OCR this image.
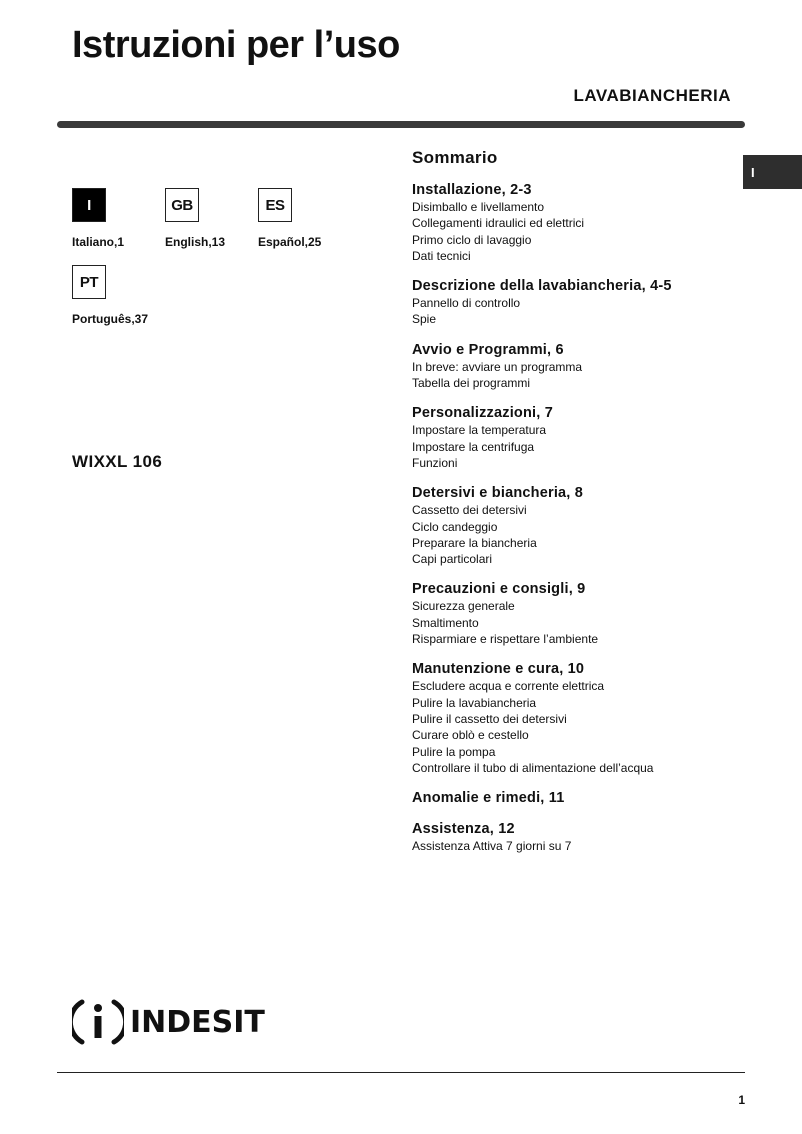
Istruzioni per l’uso
LAVABIANCHERIA
I
I
Italiano,1
GB
English,13
ES
Español,25
PT
Português,37
WIXXL 106
Sommario
Installazione, 2-3
Disimballo e livellamento
Collegamenti idraulici ed elettrici
Primo ciclo di lavaggio
Dati tecnici
Descrizione della lavabiancheria, 4-5
Pannello di controllo
Spie
Avvio e Programmi, 6
In breve: avviare un programma
Tabella dei programmi
Personalizzazioni, 7
Impostare la temperatura
Impostare la centrifuga
Funzioni
Detersivi e biancheria, 8
Cassetto dei detersivi
Ciclo candeggio
Preparare la biancheria
Capi particolari
Precauzioni e consigli, 9
Sicurezza generale
Smaltimento
Risparmiare e rispettare l’ambiente
Manutenzione e cura, 10
Escludere acqua e corrente elettrica
Pulire la lavabiancheria
Pulire il cassetto dei detersivi
Curare oblò e cestello
Pulire la pompa
Controllare il tubo di alimentazione dell’acqua
Anomalie e rimedi, 11
Assistenza, 12
Assistenza Attiva 7 giorni su 7
INDESIT
1
